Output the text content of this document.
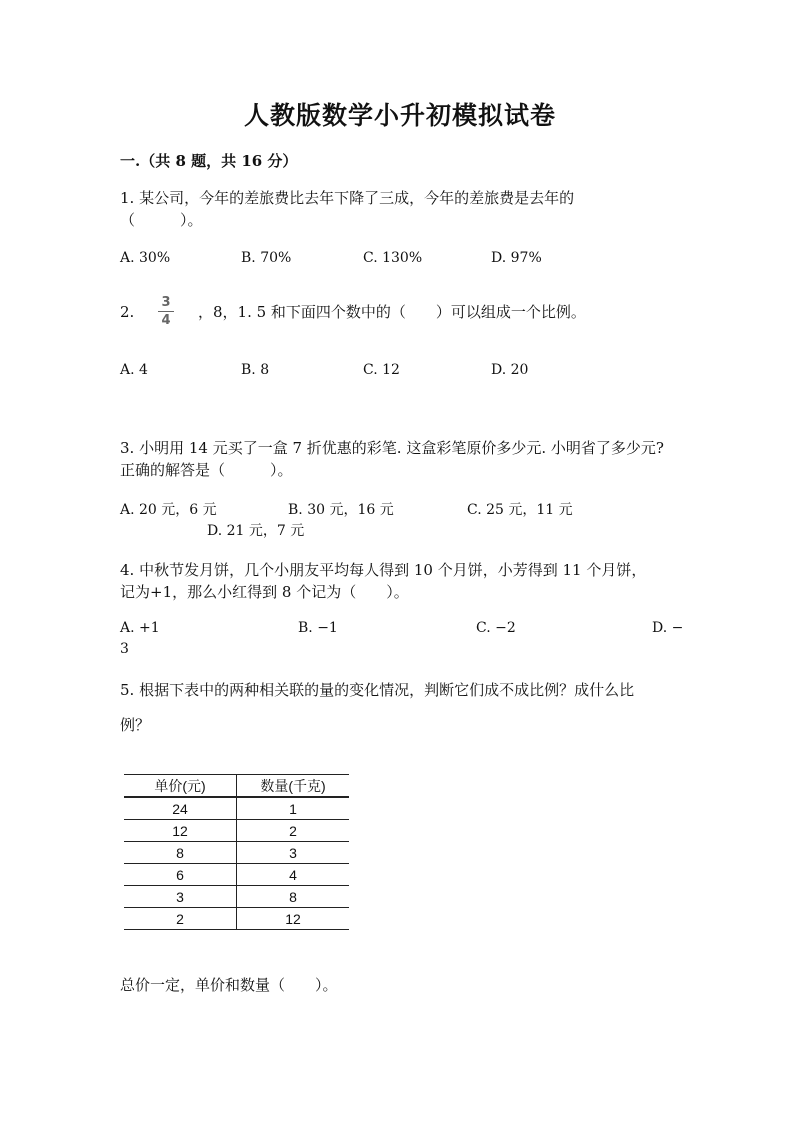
人教版数学小升初模拟试卷
一.（共 8 题，共 16 分）
1. 某公司，今年的差旅费比去年下降了三成，今年的差旅费是去年的
（　　　）。
A. 30%	B. 70%	C. 130%	D. 97%
2.
3
4 ，8，1. 5 和下面四个数中的（　　）可以组成一个比例。
A. 4	B. 8	C. 12	D. 20
3. 小明用 14 元买了一盒 7 折优惠的彩笔. 这盒彩笔原价多少元. 小明省了多少元?
正确的解答是（　　　）。
A. 20 元，6 元	B. 30 元，16 元	C. 25 元，11 元
D. 21 元，7 元
4. 中秋节发月饼，几个小朋友平均每人得到 10 个月饼，小芳得到 11 个月饼，
记为+1，那么小红得到 8 个记为（　　）。
A. +1	B. −1	C. −2	D. −
3
5. 根据下表中的两种相关联的量的变化情况，判断它们成不成比例？成什么比
例？
单价(元)	数量(千克)
24	1
12	2
8	3
6	4
3	8
2	12
总价一定，单价和数量（　　）。
